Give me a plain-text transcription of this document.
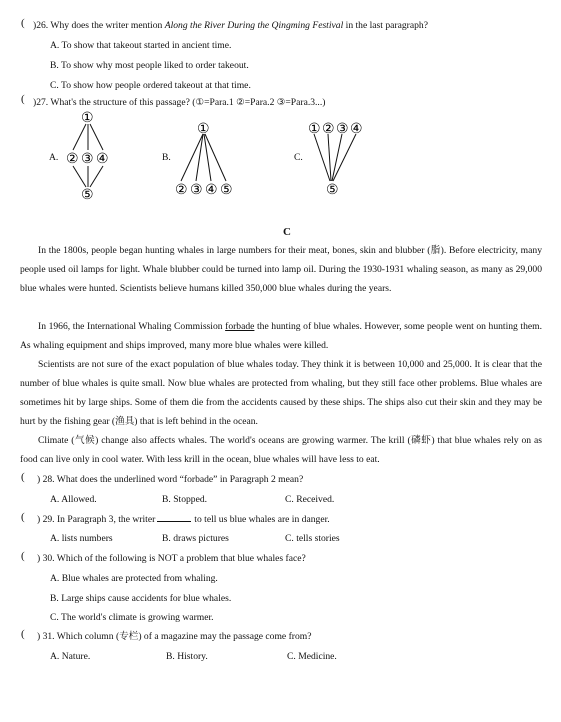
( )26. Why does the writer mention Along the River During the Qingming Festival in the last paragraph?
A. To show that takeout started in ancient time.
B. To show why most people liked to order takeout.
C. To show how people ordered takeout at that time.
( )27. What's the structure of this passage? (①=Para.1 ②=Para.2 ③=Para.3...)
A.	B.	C.
①
② ③ ④
⑤
①
② ③ ④ ⑤
① ② ③ ④
⑤
C
In the 1800s, people began hunting whales in large numbers for their meat, bones, skin and blubber (脂). Before electricity, many people used oil lamps for light. Whale blubber could be turned into lamp oil. During the 1930-1931 whaling season, as many as 29,000 blue whales were hunted. Scientists believe humans killed 350,000 blue whales during the years.
In 1966, the International Whaling Commission forbade the hunting of blue whales. However, some people went on hunting them. As whaling equipment and ships improved, many more blue whales were killed.
Scientists are not sure of the exact population of blue whales today. They think it is between 10,000 and 25,000. It is clear that the number of blue whales is quite small. Now blue whales are protected from whaling, but they still face other problems. Blue whales are sometimes hit by large ships. Some of them die from the accidents caused by these ships. The ships also cut their skin and they may be hurt by the fishing gear (渔具) that is left behind in the ocean.
Climate (气候) change also affects whales. The world's oceans are growing warmer. The krill (磷虾) that blue whales rely on as food can live only in cool water. With less krill in the ocean, blue whales will have less to eat.
( ) 28. What does the underlined word “forbade” in Paragraph 2 mean?
A. Allowed.	B. Stopped.	C. Received.
( ) 29. In Paragraph 3, the writer	to tell us blue whales are in danger.
A. lists numbers	B. draws pictures	C. tells stories
( ) 30. Which of the following is NOT a problem that blue whales face?
A. Blue whales are protected from whaling.
B. Large ships cause accidents for blue whales.
C. The world's climate is growing warmer.
( ) 31. Which column (专栏) of a magazine may the passage come from?
A. Nature.	B. History.	C. Medicine.
